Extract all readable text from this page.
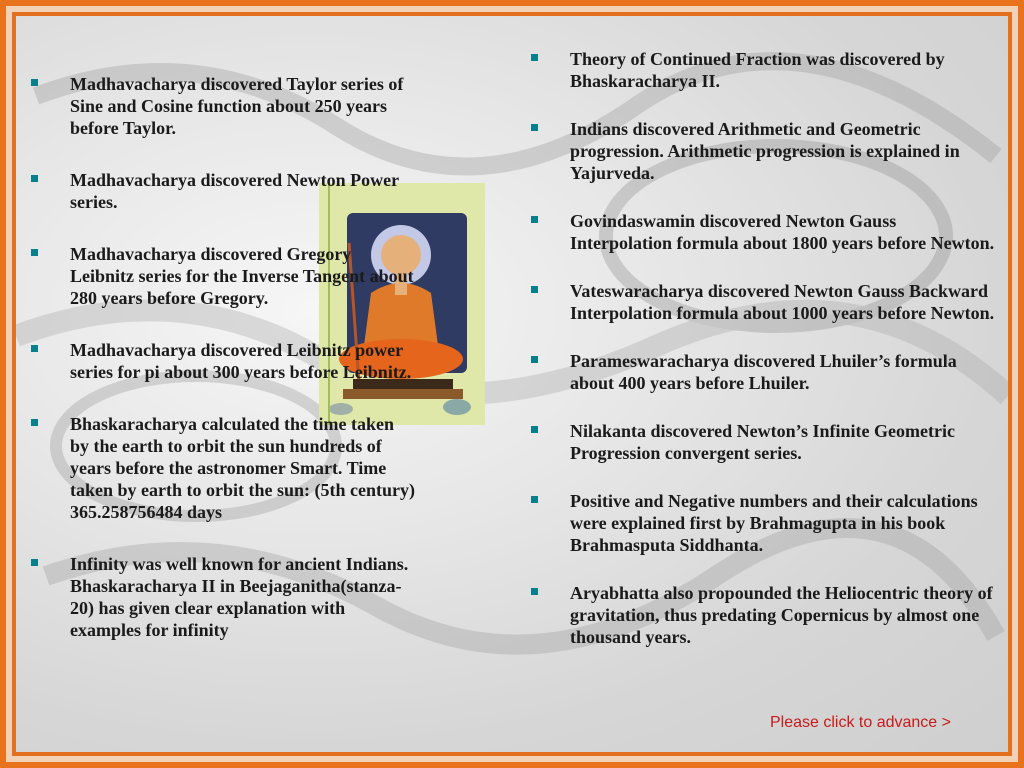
Madhavacharya discovered Taylor series of Sine and Cosine function about 250 years before Taylor.
Madhavacharya discovered Newton Power series.
Madhavacharya discovered Gregory Leibnitz series for the Inverse Tangent about 280 years before Gregory.
Madhavacharya discovered Leibnitz power series for pi about 300 years before Leibnitz.
Bhaskaracharya calculated the time taken by the earth to orbit the sun hundreds of years before the astronomer Smart. Time taken by earth to orbit the sun: (5th century) 365.258756484 days
Infinity was well known for ancient Indians. Bhaskaracharya II in Beejaganitha(stanza-20) has given clear explanation with examples for infinity
Theory of Continued Fraction was discovered by Bhaskaracharya II.
Indians discovered Arithmetic and Geometric progression. Arithmetic progression is explained in Yajurveda.
Govindaswamin discovered Newton Gauss Interpolation formula about 1800 years before Newton.
Vateswaracharya discovered Newton Gauss Backward Interpolation formula about 1000 years before Newton.
Parameswaracharya discovered Lhuiler’s formula about 400 years before Lhuiler.
Nilakanta discovered Newton’s Infinite Geometric Progression convergent series.
Positive and Negative numbers and their calculations were explained first by Brahmagupta in his book Brahmasputa Siddhanta.
Aryabhatta also propounded the Heliocentric theory of gravitation, thus predating Copernicus by almost one thousand years.
Please click to advance >
